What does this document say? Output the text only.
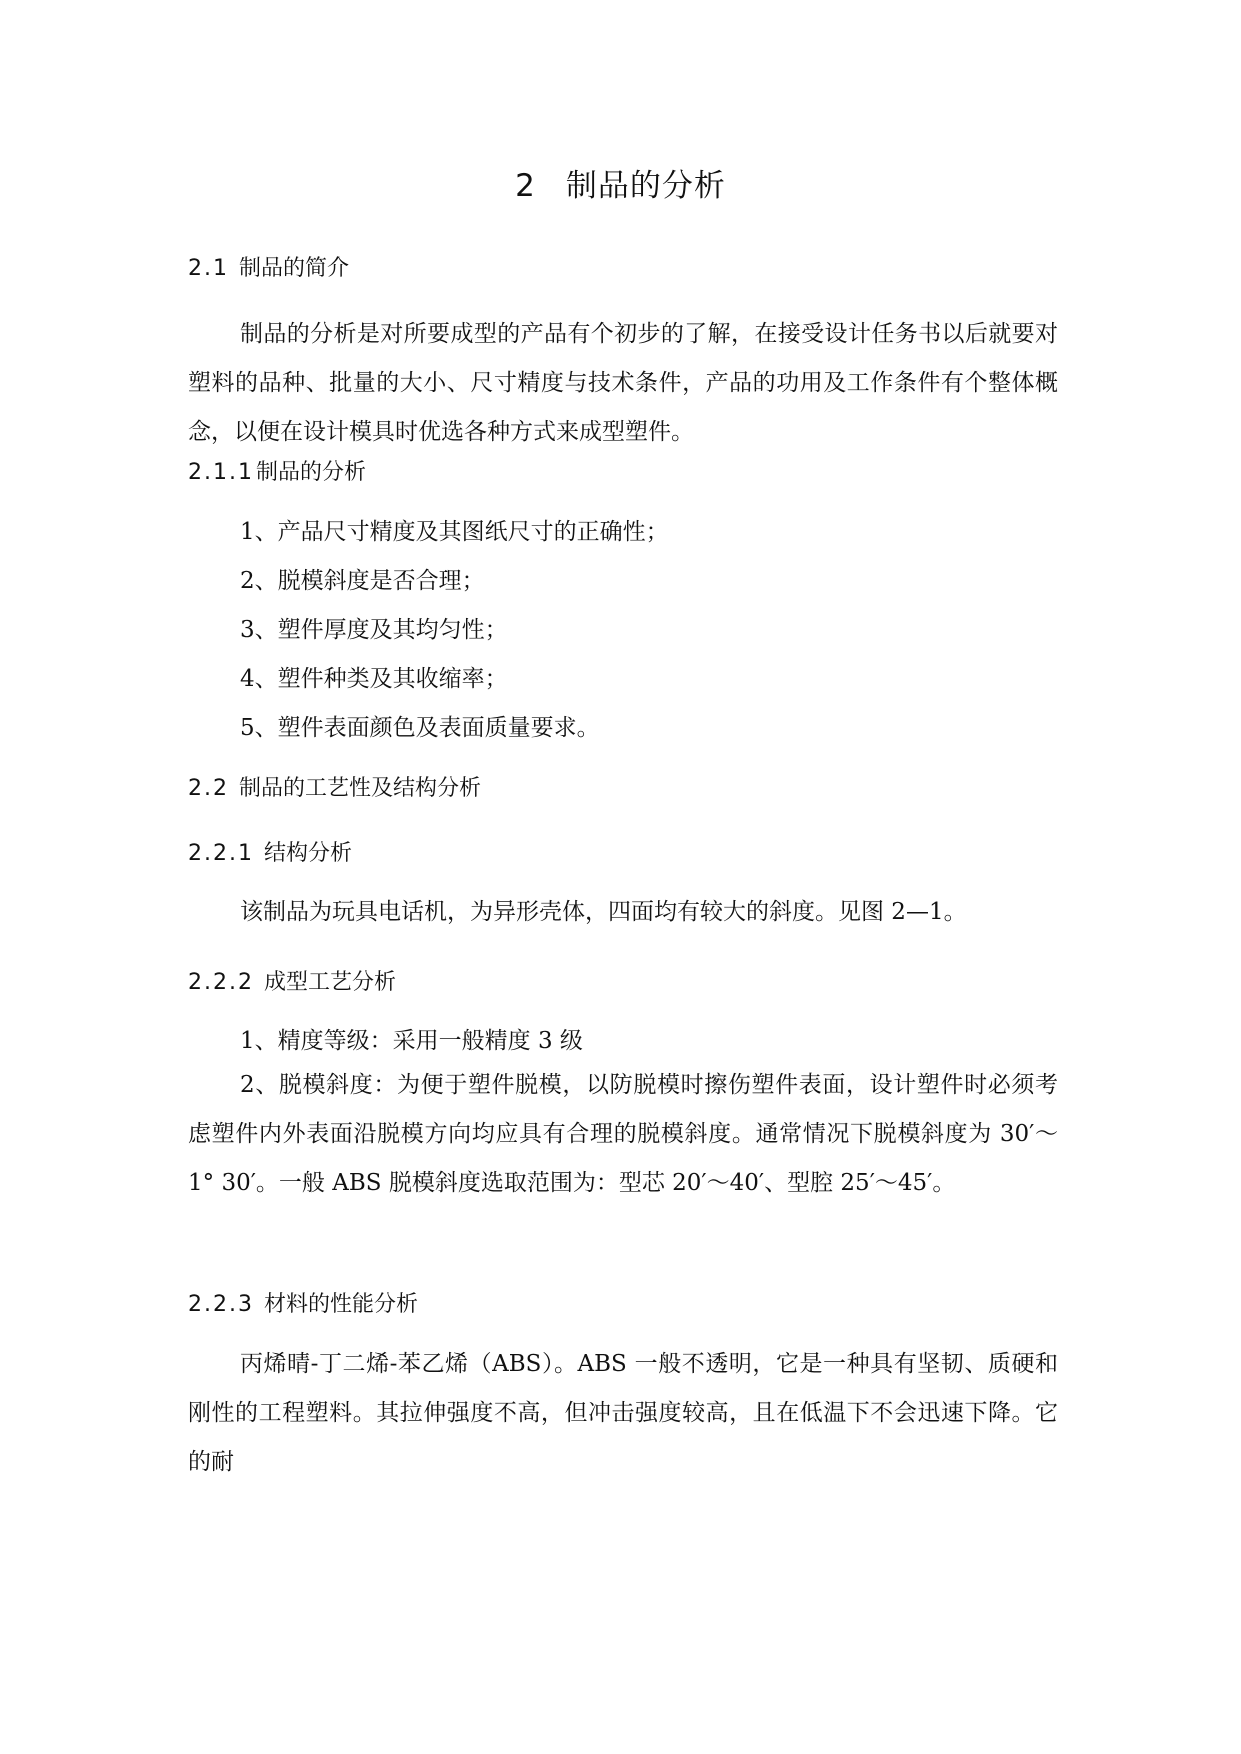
2 制品的分析
2.1 制品的简介

制品的分析是对所要成型的产品有个初步的了解，在接受设计任务书以后就要对塑料的品种、批量的大小、尺寸精度与技术条件，产品的功用及工作条件有个整体概念，以便在设计模具时优选各种方式来成型塑件。

2.1.1制品的分析
1、产品尺寸精度及其图纸尺寸的正确性；
2、脱模斜度是否合理；
3、塑件厚度及其均匀性；
4、塑件种类及其收缩率；
5、塑件表面颜色及表面质量要求。
2.2 制品的工艺性及结构分析
2.2.1 结构分析

该制品为玩具电话机，为异形壳体，四面均有较大的斜度。见图 2—1。

2.2.2 成型工艺分析
1、精度等级：采用一般精度 3 级

2、脱模斜度：为便于塑件脱模，以防脱模时擦伤塑件表面，设计塑件时必须考虑塑件内外表面沿脱模方向均应具有合理的脱模斜度。通常情况下脱模斜度为 30′～1° 30′。一般 ABS 脱模斜度选取范围为：型芯 20′～40′、型腔 25′～45′。

2.2.3 材料的性能分析

丙烯晴-丁二烯-苯乙烯（ABS）。ABS 一般不透明，它是一种具有坚韧、质硬和刚性的工程塑料。其拉伸强度不高，但冲击强度较高，且在低温下不会迅速下降。它的耐
